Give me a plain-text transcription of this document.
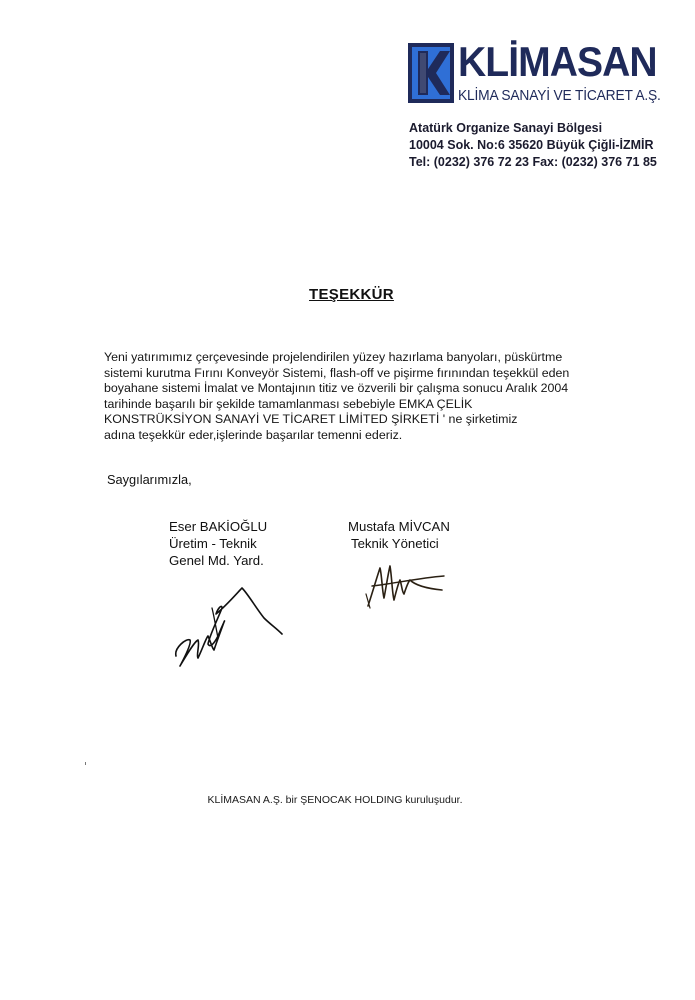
KLİMASAN
KLİMA SANAYİ VE TİCARET A.Ş.
Atatürk Organize Sanayi Bölgesi
10004 Sok. No:6 35620 Büyük Çiğli-İZMİR
Tel: (0232) 376 72 23 Fax: (0232) 376 71 85
TEŞEKKÜR
Yeni yatırımımız çerçevesinde projelendirilen yüzey hazırlama banyoları, püskürtme
sistemi kurutma Fırını Konveyör Sistemi, flash-off ve pişirme fırınından teşekkül eden
boyahane sistemi İmalat ve Montajının titiz ve özverili bir çalışma sonucu Aralık 2004
tarihinde başarılı bir şekilde tamamlanması sebebiyle EMKA ÇELİK
KONSTRÜKSİYON SANAYİ VE TİCARET LİMİTED ŞİRKETİ ' ne şirketimiz
adına teşekkür eder,işlerinde başarılar temenni ederiz.
Saygılarımızla,
Eser BAKİOĞLU
Üretim - Teknik
Genel Md. Yard.
Mustafa MİVCAN
Teknik Yönetici
KLİMASAN A.Ş. bir ŞENOCAK HOLDING kuruluşudur.
